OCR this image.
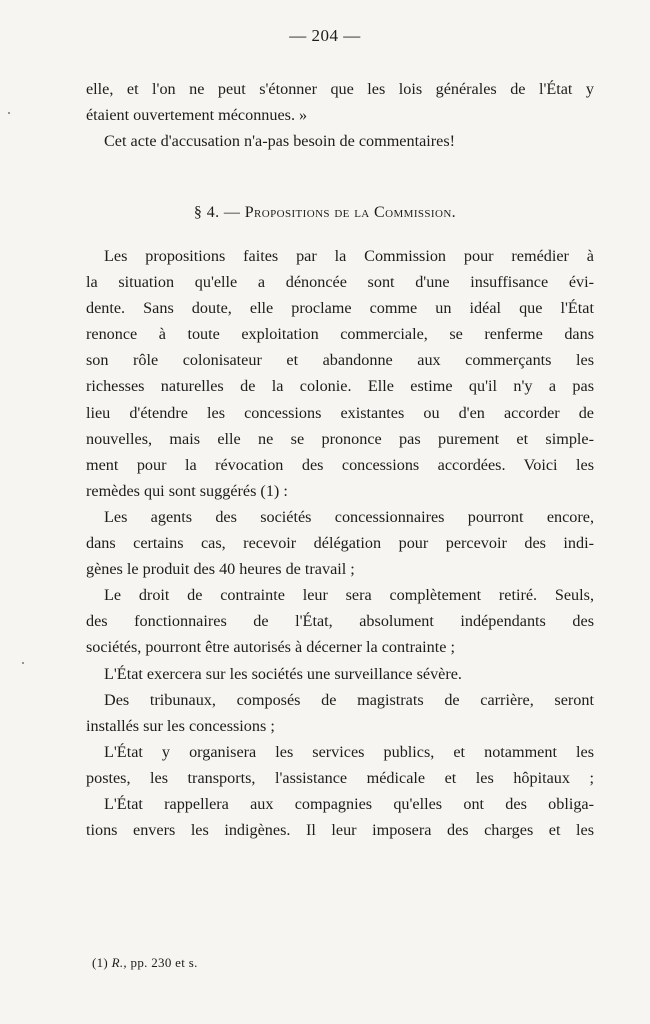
— 204 —
elle, et l'on ne peut s'étonner que les lois générales de l'État y
étaient ouvertement méconnues. »
Cet acte d'accusation n'a-pas besoin de commentaires!
§ 4. — Propositions de la Commission.
Les propositions faites par la Commission pour remédier à
la situation qu'elle a dénoncée sont d'une insuffisance évi-
dente. Sans doute, elle proclame comme un idéal que l'État
renonce à toute exploitation commerciale, se renferme dans
son rôle colonisateur et abandonne aux commerçants les
richesses naturelles de la colonie. Elle estime qu'il n'y a pas
lieu d'étendre les concessions existantes ou d'en accorder de
nouvelles, mais elle ne se prononce pas purement et simple-
ment pour la révocation des concessions accordées. Voici les
remèdes qui sont suggérés (1) :
Les agents des sociétés concessionnaires pourront encore,
dans certains cas, recevoir délégation pour percevoir des indi-
gènes le produit des 40 heures de travail ;
Le droit de contrainte leur sera complètement retiré. Seuls,
des fonctionnaires de l'État, absolument indépendants des
sociétés, pourront être autorisés à décerner la contrainte ;
L'État exercera sur les sociétés une surveillance sévère.
Des tribunaux, composés de magistrats de carrière, seront
installés sur les concessions ;
L'État y organisera les services publics, et notamment les
postes, les transports, l'assistance médicale et les hôpitaux ;
L'État rappellera aux compagnies qu'elles ont des obliga-
tions envers les indigènes. Il leur imposera des charges et les
(1) R., pp. 230 et s.
